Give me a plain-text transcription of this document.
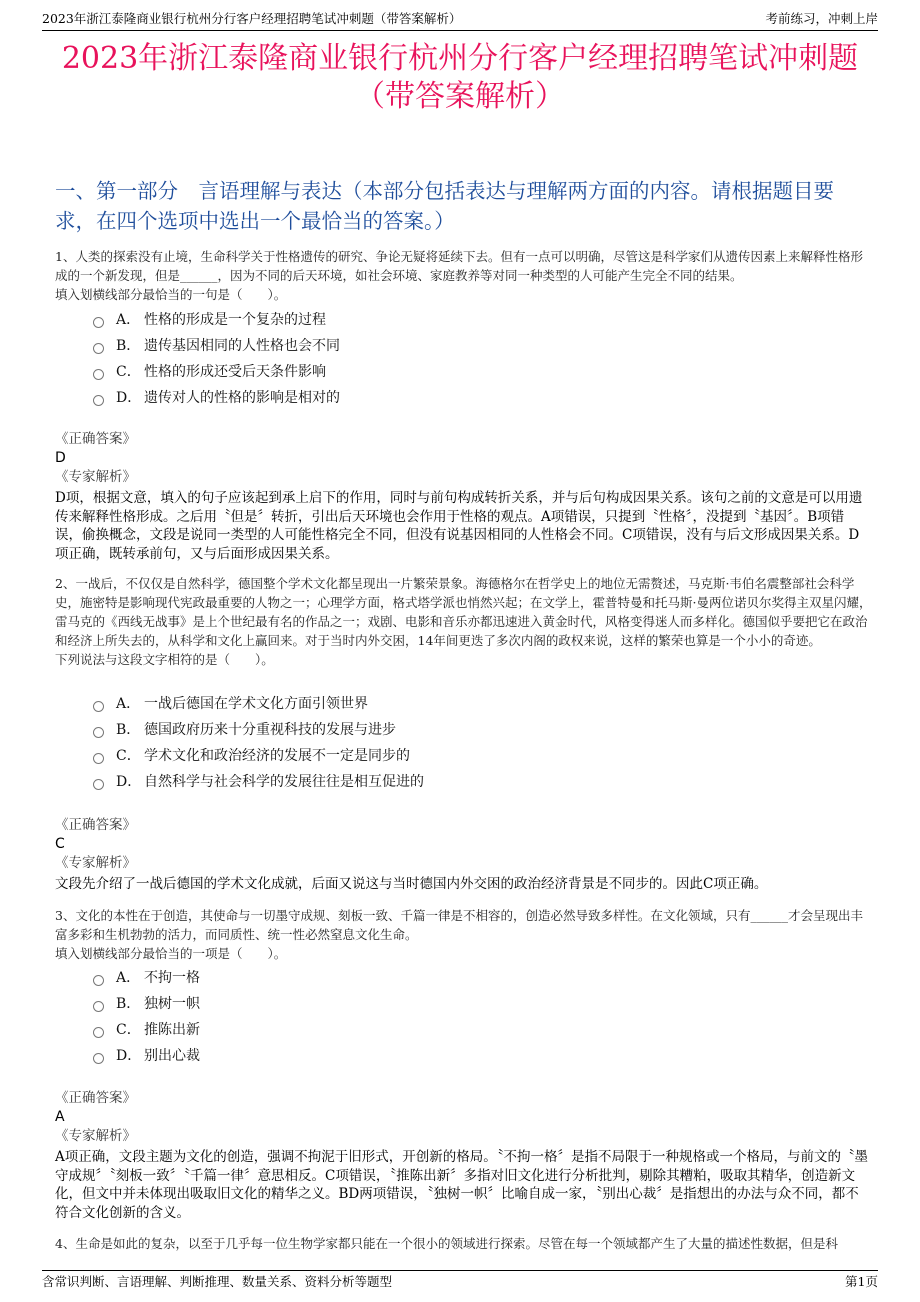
2023年浙江泰隆商业银行杭州分行客户经理招聘笔试冲刺题（带答案解析）	考前练习，冲刺上岸
2023年浙江泰隆商业银行杭州分行客户经理招聘笔试冲刺题
（带答案解析）
一、第一部分　言语理解与表达（本部分包括表达与理解两方面的内容。请根据题目要求，在四个选项中选出一个最恰当的答案。）
1、人类的探索没有止境，生命科学关于性格遗传的研究、争论无疑将延续下去。但有一点可以明确，尽管这是科学家们从遗传因素上来解释性格形成的一个新发现，但是______，因为不同的后天环境，如社会环境、家庭教养等对同一种类型的人可能产生完全不同的结果。
填入划横线部分最恰当的一句是（　　）。
A． 性格的形成是一个复杂的过程
B． 遗传基因相同的人性格也会不同
C． 性格的形成还受后天条件影响
D． 遗传对人的性格的影响是相对的
《正确答案》
D
《专家解析》
D项，根据文意，填入的句子应该起到承上启下的作用，同时与前句构成转折关系，并与后句构成因果关系。该句之前的文意是可以用遗传来解释性格形成。之后用〝但是〞转折，引出后天环境也会作用于性格的观点。A项错误，只提到〝性格〞，没提到〝基因〞。B项错误，偷换概念，文段是说同一类型的人可能性格完全不同，但没有说基因相同的人性格会不同。C项错误，没有与后文形成因果关系。D项正确，既转承前句，又与后面形成因果关系。
2、一战后，不仅仅是自然科学，德国整个学术文化都呈现出一片繁荣景象。海德格尔在哲学史上的地位无需赘述，马克斯·韦伯名震整部社会科学史，施密特是影响现代宪政最重要的人物之一；心理学方面，格式塔学派也悄然兴起；在文学上，霍普特曼和托马斯·曼两位诺贝尔奖得主双星闪耀，雷马克的《西线无战事》是上个世纪最有名的作品之一；戏剧、电影和音乐亦都迅速进入黄金时代，风格变得迷人而多样化。德国似乎要把它在政治和经济上所失去的，从科学和文化上赢回来。对于当时内外交困，14年间更迭了多次内阁的政权来说，这样的繁荣也算是一个小小的奇迹。
下列说法与这段文字相符的是（　　）。
A． 一战后德国在学术文化方面引领世界
B． 德国政府历来十分重视科技的发展与进步
C． 学术文化和政治经济的发展不一定是同步的
D． 自然科学与社会科学的发展往往是相互促进的
《正确答案》
C
《专家解析》
文段先介绍了一战后德国的学术文化成就，后面又说这与当时德国内外交困的政治经济背景是不同步的。因此C项正确。
3、文化的本性在于创造，其使命与一切墨守成规、刻板一致、千篇一律是不相容的，创造必然导致多样性。在文化领域，只有______才会呈现出丰富多彩和生机勃勃的活力，而同质性、统一性必然窒息文化生命。
填入划横线部分最恰当的一项是（　　）。
A． 不拘一格
B． 独树一帜
C． 推陈出新
D． 别出心裁
《正确答案》
A
《专家解析》
A项正确，文段主题为文化的创造，强调不拘泥于旧形式，开创新的格局。〝不拘一格〞是指不局限于一种规格或一个格局，与前文的〝墨守成规〞〝刻板一致〞〝千篇一律〞意思相反。C项错误，〝推陈出新〞多指对旧文化进行分析批判，剔除其糟粕，吸取其精华，创造新文化，但文中并未体现出吸取旧文化的精华之义。BD两项错误，〝独树一帜〞比喻自成一家，〝别出心裁〞是指想出的办法与众不同，都不符合文化创新的含义。
4、生命是如此的复杂，以至于几乎每一位生物学家都只能在一个很小的领域进行探索。尽管在每一个领域都产生了大量的描述性数据，但是科
含常识判断、言语理解、判断推理、数量关系、资料分析等题型	第1页
